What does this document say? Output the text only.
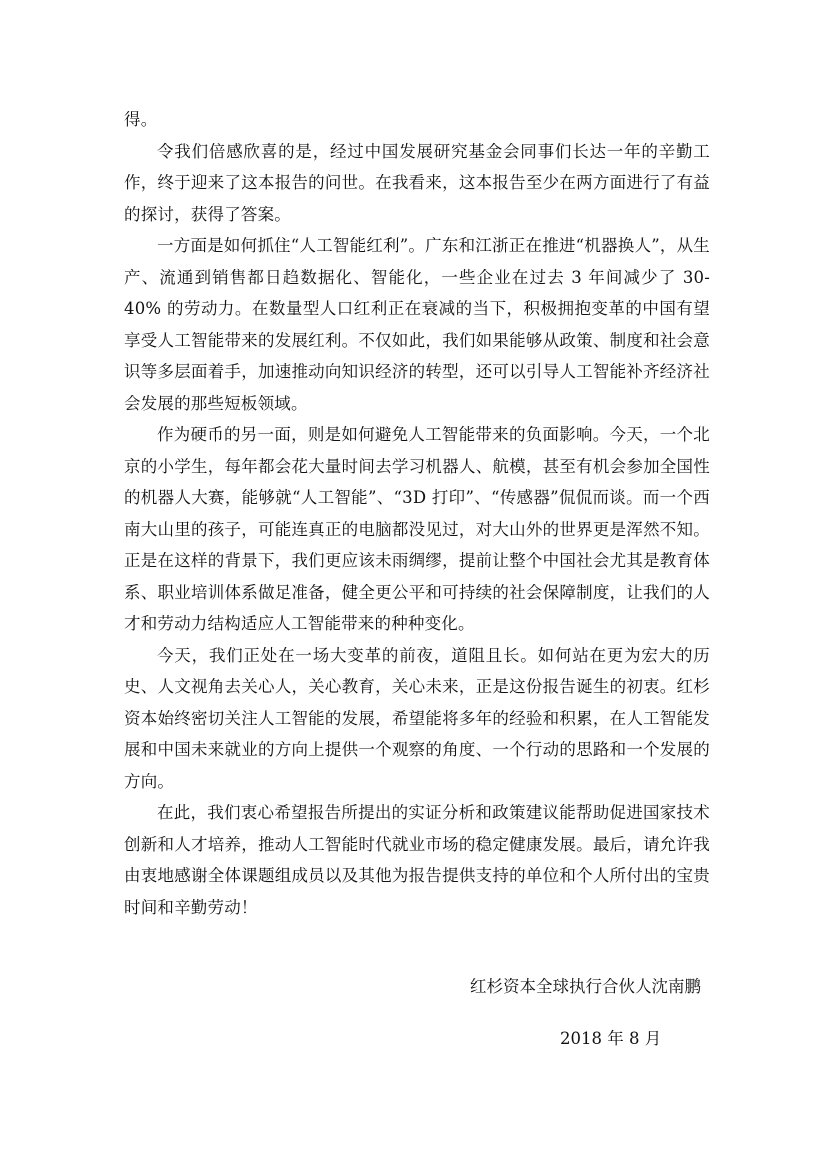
得。

令我们倍感欣喜的是，经过中国发展研究基金会同事们长达一年的辛勤工作，终于迎来了这本报告的问世。在我看来，这本报告至少在两方面进行了有益的探讨，获得了答案。

一方面是如何抓住“人工智能红利”。广东和江浙正在推进“机器换人”，从生产、流通到销售都日趋数据化、智能化，一些企业在过去 3 年间减少了 30-40% 的劳动力。在数量型人口红利正在衰减的当下，积极拥抱变革的中国有望享受人工智能带来的发展红利。不仅如此，我们如果能够从政策、制度和社会意识等多层面着手，加速推动向知识经济的转型，还可以引导人工智能补齐经济社会发展的那些短板领域。

作为硬币的另一面，则是如何避免人工智能带来的负面影响。今天，一个北京的小学生，每年都会花大量时间去学习机器人、航模，甚至有机会参加全国性的机器人大赛，能够就“人工智能”、“3D 打印”、“传感器”侃侃而谈。而一个西南大山里的孩子，可能连真正的电脑都没见过，对大山外的世界更是浑然不知。正是在这样的背景下，我们更应该未雨绸缪，提前让整个中国社会尤其是教育体系、职业培训体系做足准备，健全更公平和可持续的社会保障制度，让我们的人才和劳动力结构适应人工智能带来的种种变化。

今天，我们正处在一场大变革的前夜，道阻且长。如何站在更为宏大的历史、人文视角去关心人，关心教育，关心未来，正是这份报告诞生的初衷。红杉资本始终密切关注人工智能的发展，希望能将多年的经验和积累，在人工智能发展和中国未来就业的方向上提供一个观察的角度、一个行动的思路和一个发展的方向。

在此，我们衷心希望报告所提出的实证分析和政策建议能帮助促进国家技术创新和人才培养，推动人工智能时代就业市场的稳定健康发展。最后，请允许我由衷地感谢全体课题组成员以及其他为报告提供支持的单位和个人所付出的宝贵时间和辛勤劳动！

红杉资本全球执行合伙人沈南鹏
2018 年 8 月
